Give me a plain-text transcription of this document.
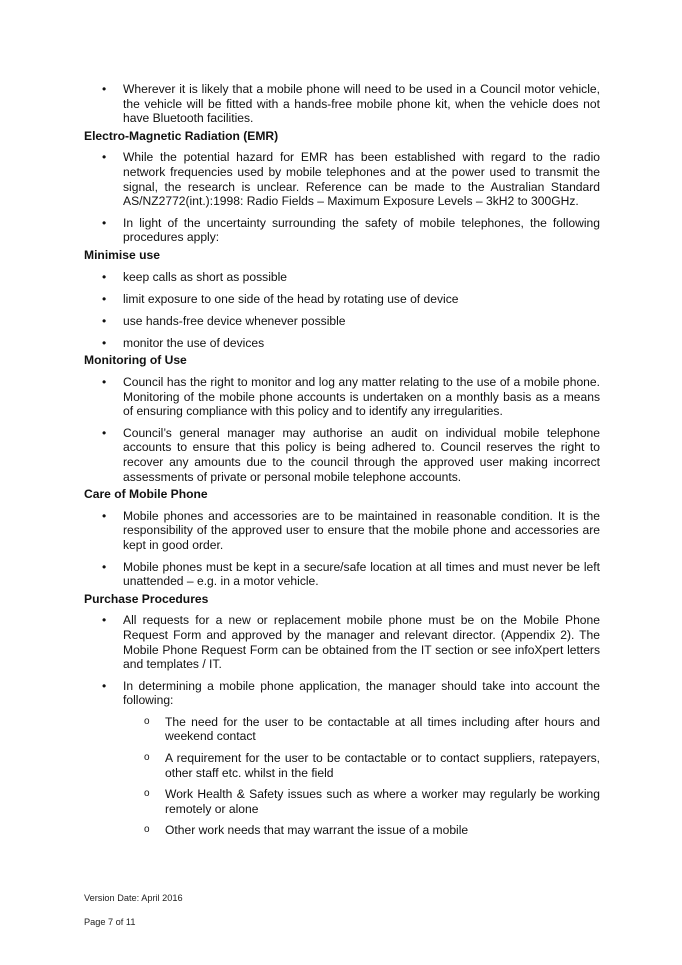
• Wherever it is likely that a mobile phone will need to be used in a Council motor vehicle, the vehicle will be fitted with a hands-free mobile phone kit, when the vehicle does not have Bluetooth facilities.
Electro-Magnetic Radiation (EMR)
• While the potential hazard for EMR has been established with regard to the radio network frequencies used by mobile telephones and at the power used to transmit the signal, the research is unclear. Reference can be made to the Australian Standard AS/NZ2772(int.):1998: Radio Fields – Maximum Exposure Levels – 3kH2 to 300GHz.
• In light of the uncertainty surrounding the safety of mobile telephones, the following procedures apply:
Minimise use
• keep calls as short as possible
• limit exposure to one side of the head by rotating use of device
• use hands-free device whenever possible
• monitor the use of devices
Monitoring of Use
• Council has the right to monitor and log any matter relating to the use of a mobile phone. Monitoring of the mobile phone accounts is undertaken on a monthly basis as a means of ensuring compliance with this policy and to identify any irregularities.
• Council’s general manager may authorise an audit on individual mobile telephone accounts to ensure that this policy is being adhered to. Council reserves the right to recover any amounts due to the council through the approved user making incorrect assessments of private or personal mobile telephone accounts.
Care of Mobile Phone
• Mobile phones and accessories are to be maintained in reasonable condition. It is the responsibility of the approved user to ensure that the mobile phone and accessories are kept in good order.
• Mobile phones must be kept in a secure/safe location at all times and must never be left unattended – e.g. in a motor vehicle.
Purchase Procedures
• All requests for a new or replacement mobile phone must be on the Mobile Phone Request Form and approved by the manager and relevant director. (Appendix 2). The Mobile Phone Request Form can be obtained from the IT section or see infoXpert letters and templates / IT.
• In determining a mobile phone application, the manager should take into account the following:
o The need for the user to be contactable at all times including after hours and weekend contact
o A requirement for the user to be contactable or to contact suppliers, ratepayers, other staff etc. whilst in the field
o Work Health & Safety issues such as where a worker may regularly be working remotely or alone
o Other work needs that may warrant the issue of a mobile
Version Date: April 2016
Page 7 of 11
